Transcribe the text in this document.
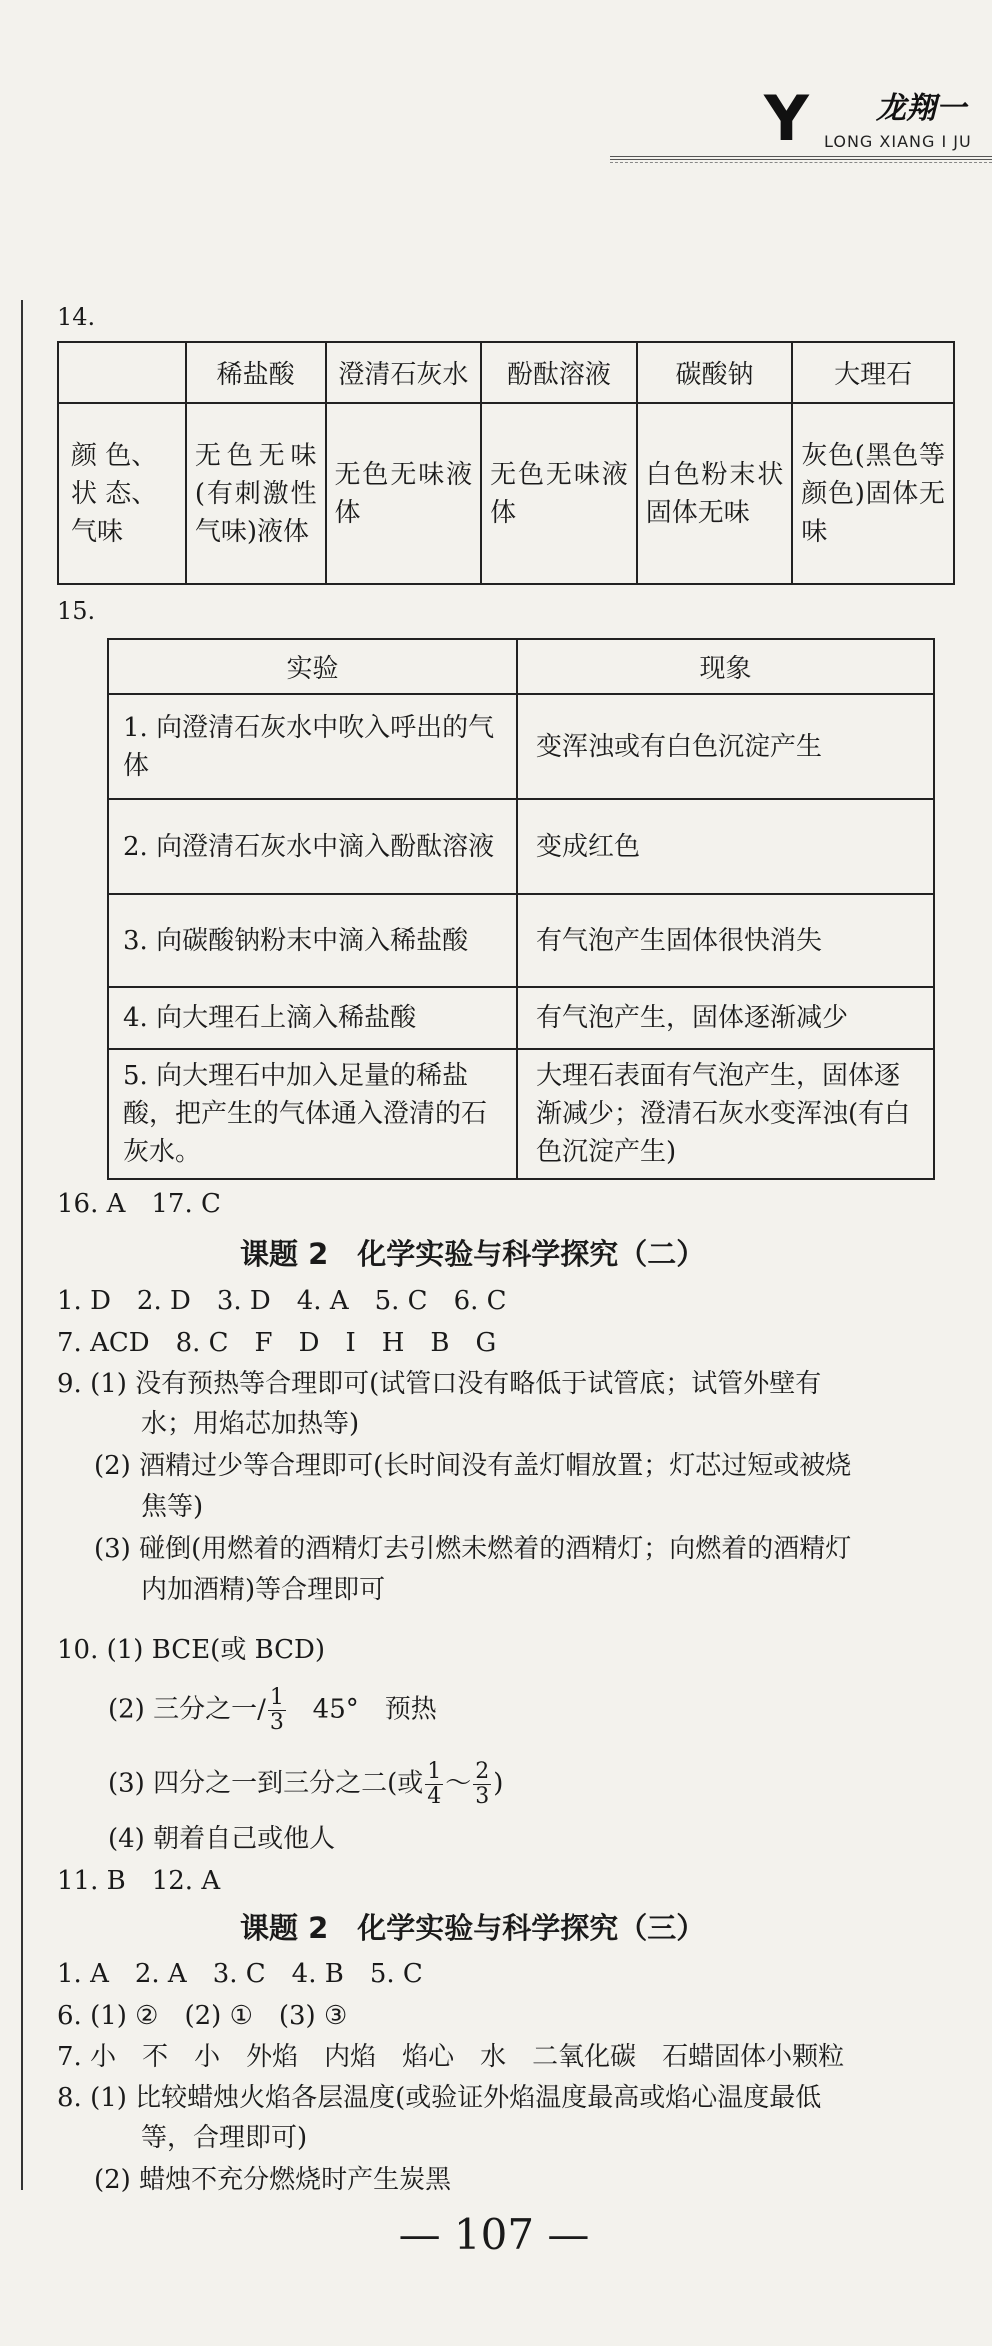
Y 龙翔一
LONG XIANG I JU
14.
	稀盐酸	澄清石灰水	酚酞溶液	碳酸钠	大理石
颜 色、状 态、气味	无色无味(有刺激性气味)液体	无色无味液体	无色无味液体	白色粉末状固体无味	灰色(黑色等颜色)固体无味
15.
实验	现象
1. 向澄清石灰水中吹入呼出的气体	变浑浊或有白色沉淀产生
2. 向澄清石灰水中滴入酚酞溶液	变成红色
3. 向碳酸钠粉末中滴入稀盐酸	有气泡产生固体很快消失
4. 向大理石上滴入稀盐酸	有气泡产生，固体逐渐减少
5. 向大理石中加入足量的稀盐酸，把产生的气体通入澄清的石灰水。	大理石表面有气泡产生，固体逐渐减少；澄清石灰水变浑浊(有白色沉淀产生)
16. A　17. C
课题 2　化学实验与科学探究（二）
1. D　2. D　3. D　4. A　5. C　6. C
7. ACD　8. C　F　D　I　H　B　G
9. (1) 没有预热等合理即可(试管口没有略低于试管底；试管外壁有
水；用焰芯加热等)
(2) 酒精过少等合理即可(长时间没有盖灯帽放置；灯芯过短或被烧
焦等)
(3) 碰倒(用燃着的酒精灯去引燃未燃着的酒精灯；向燃着的酒精灯
内加酒精)等合理即可
10. (1) BCE(或 BCD)
(2) 三分之一/ $\frac{1}{3} 45^\circ$　预热
(3) 四分之一到三分之二(或 $\frac{1}{4}$ ～ $\frac{2}{3}$ )
(4) 朝着自己或他人
11. B　12. A
课题 2　化学实验与科学探究（三）
1. A　2. A　3. C　4. B　5. C
6. (1) ②　(2) ①　(3) ③
7. 小　不　小　外焰　内焰　焰心　水　二氧化碳　石蜡固体小颗粒
8. (1) 比较蜡烛火焰各层温度(或验证外焰温度最高或焰心温度最低
等，合理即可)
(2) 蜡烛不充分燃烧时产生炭黑
— 107 —
